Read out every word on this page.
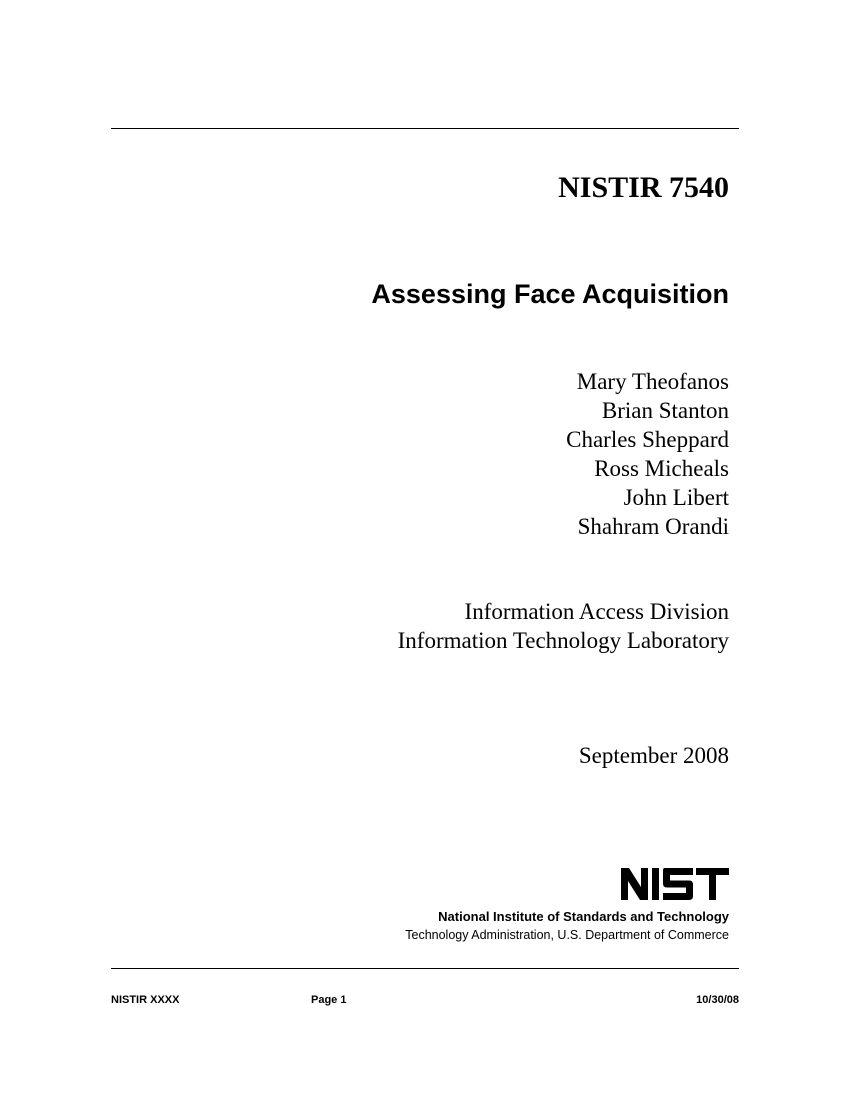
NISTIR 7540
Assessing Face Acquisition
Mary Theofanos
Brian Stanton
Charles Sheppard
Ross Micheals
John Libert
Shahram Orandi
Information Access Division
Information Technology Laboratory
September 2008
National Institute of Standards and Technology
Technology Administration, U.S. Department of Commerce
NISTIR XXXX	Page 1	10/30/08
